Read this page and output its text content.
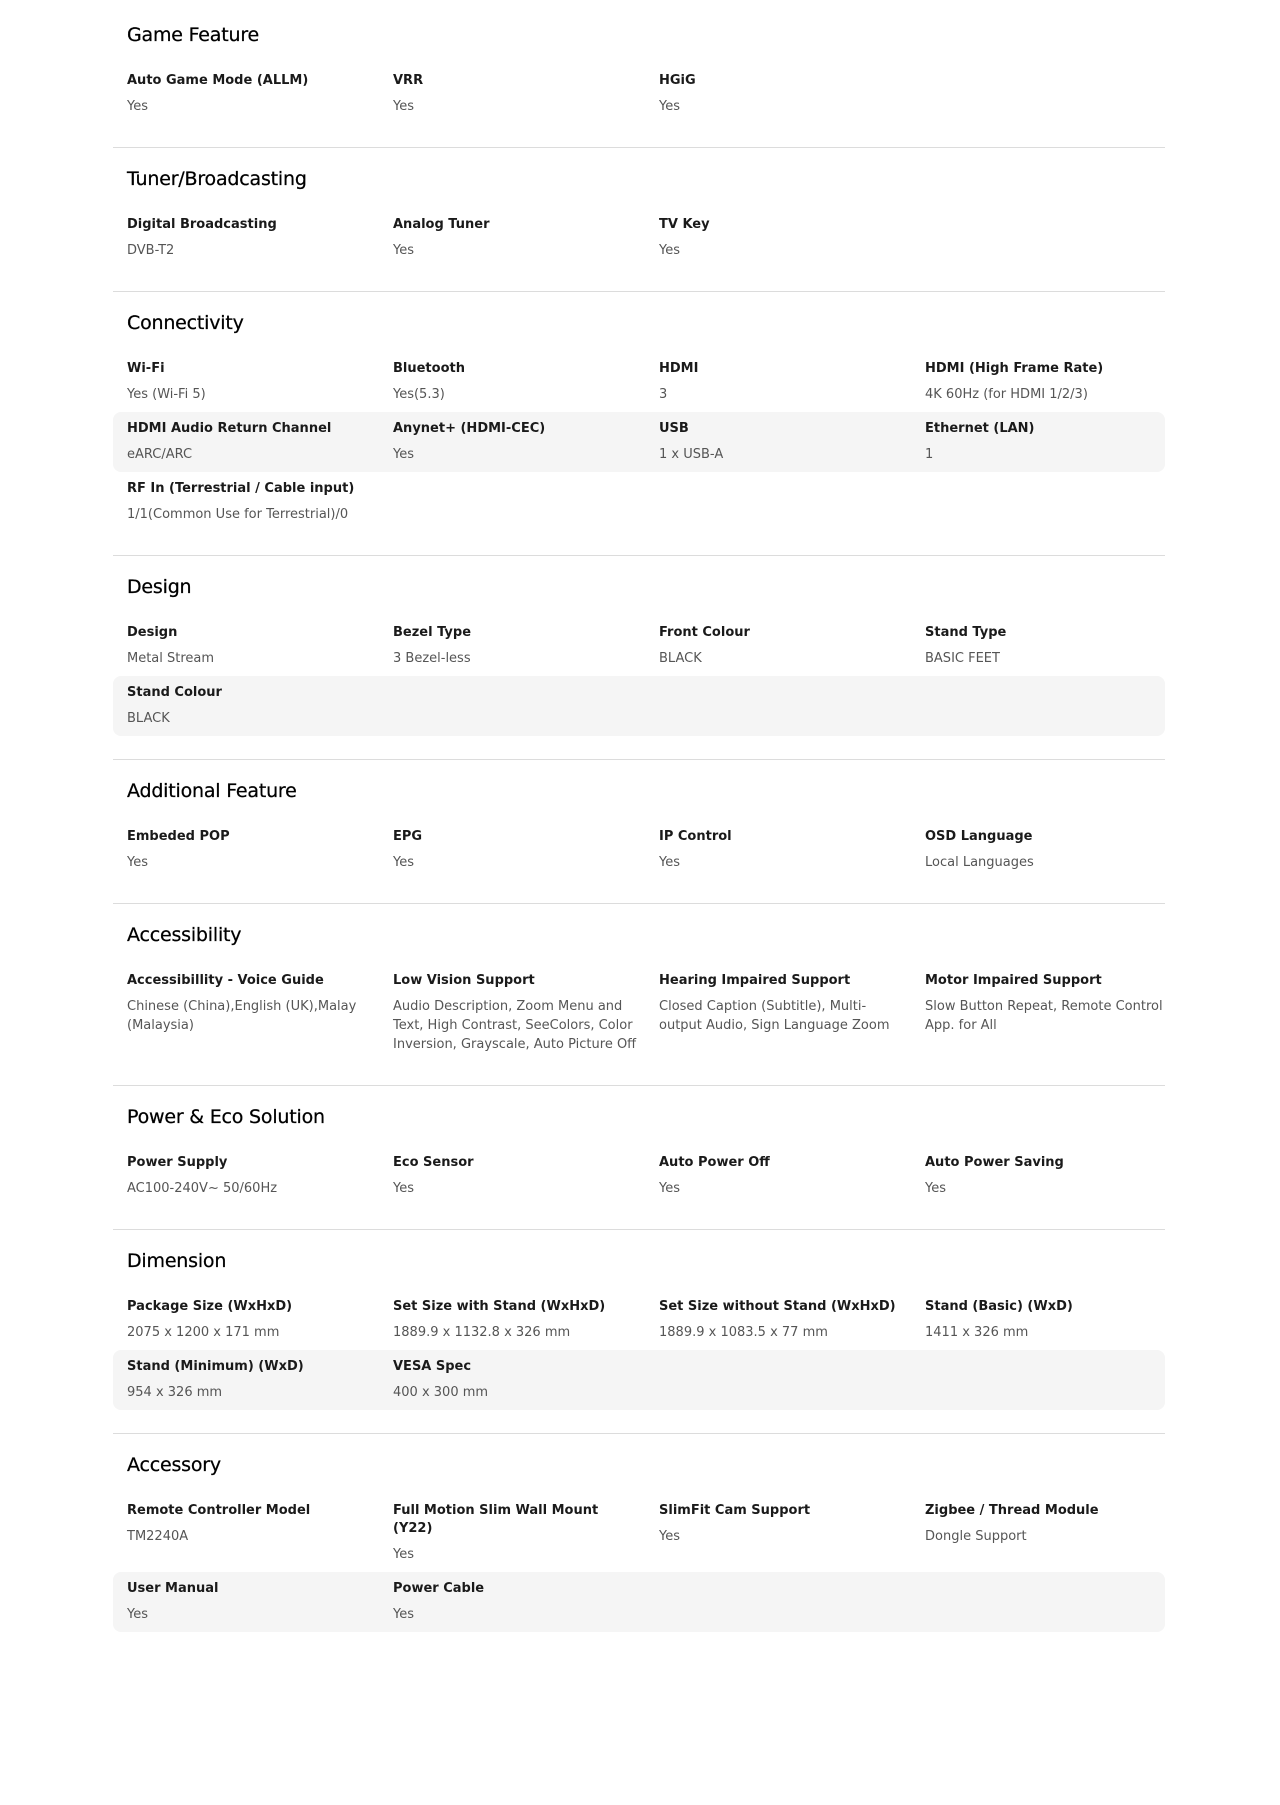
Game Feature
Auto Game Mode (ALLM)
Yes
VRR
Yes
HGiG
Yes
Tuner/Broadcasting
Digital Broadcasting
DVB-T2
Analog Tuner
Yes
TV Key
Yes
Connectivity
Wi-Fi
Yes (Wi-Fi 5)
Bluetooth
Yes(5.3)
HDMI
3
HDMI (High Frame Rate)
4K 60Hz (for HDMI 1/2/3)
HDMI Audio Return Channel
eARC/ARC
Anynet+ (HDMI-CEC)
Yes
USB
1 x USB-A
Ethernet (LAN)
1
RF In (Terrestrial / Cable input)
1/1(Common Use for Terrestrial)/0
Design
Design
Metal Stream
Bezel Type
3 Bezel-less
Front Colour
BLACK
Stand Type
BASIC FEET
Stand Colour
BLACK
Additional Feature
Embeded POP
Yes
EPG
Yes
IP Control
Yes
OSD Language
Local Languages
Accessibility
Accessibillity - Voice Guide
Chinese (China),English (UK),Malay (Malaysia)
Low Vision Support
Audio Description, Zoom Menu and Text, High Contrast, SeeColors, Color Inversion, Grayscale, Auto Picture Off
Hearing Impaired Support
Closed Caption (Subtitle), Multi-output Audio, Sign Language Zoom
Motor Impaired Support
Slow Button Repeat, Remote Control App. for All
Power & Eco Solution
Power Supply
AC100-240V~ 50/60Hz
Eco Sensor
Yes
Auto Power Off
Yes
Auto Power Saving
Yes
Dimension
Package Size (WxHxD)
2075 x 1200 x 171 mm
Set Size with Stand (WxHxD)
1889.9 x 1132.8 x 326 mm
Set Size without Stand (WxHxD)
1889.9 x 1083.5 x 77 mm
Stand (Basic) (WxD)
1411 x 326 mm
Stand (Minimum) (WxD)
954 x 326 mm
VESA Spec
400 x 300 mm
Accessory
Remote Controller Model
TM2240A
Full Motion Slim Wall Mount (Y22)
Yes
SlimFit Cam Support
Yes
Zigbee / Thread Module
Dongle Support
User Manual
Yes
Power Cable
Yes
